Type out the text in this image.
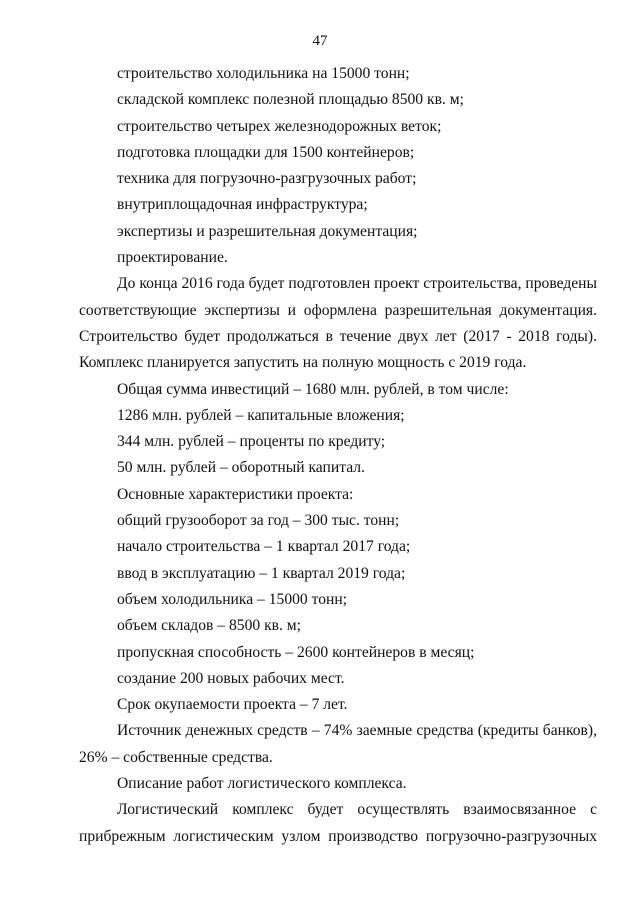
47
строительство холодильника на 15000 тонн;
складской комплекс полезной площадью 8500 кв. м;
строительство четырех железнодорожных веток;
подготовка площадки для 1500 контейнеров;
техника для погрузочно-разгрузочных работ;
внутриплощадочная инфраструктура;
экспертизы и разрешительная документация;
проектирование.
До конца 2016 года будет подготовлен проект строительства, проведены
соответствующие экспертизы и оформлена разрешительная документация.
Строительство будет продолжаться в течение двух лет (2017 - 2018 годы).
Комплекс планируется запустить на полную мощность с 2019 года.
Общая сумма инвестиций – 1680 млн. рублей, в том числе:
1286 млн. рублей – капитальные вложения;
344 млн. рублей – проценты по кредиту;
50 млн. рублей – оборотный капитал.
Основные характеристики проекта:
общий грузооборот за год – 300 тыс. тонн;
начало строительства – 1 квартал 2017 года;
ввод в эксплуатацию – 1 квартал 2019 года;
объем холодильника – 15000 тонн;
объем складов – 8500 кв. м;
пропускная способность – 2600 контейнеров в месяц;
создание 200 новых рабочих мест.
Срок окупаемости проекта – 7 лет.
Источник денежных средств – 74% заемные средства (кредиты банков),
26% – собственные средства.
Описание работ логистического комплекса.
Логистический комплекс будет осуществлять взаимосвязанное с
прибрежным логистическим узлом производство погрузочно-разгрузочных
